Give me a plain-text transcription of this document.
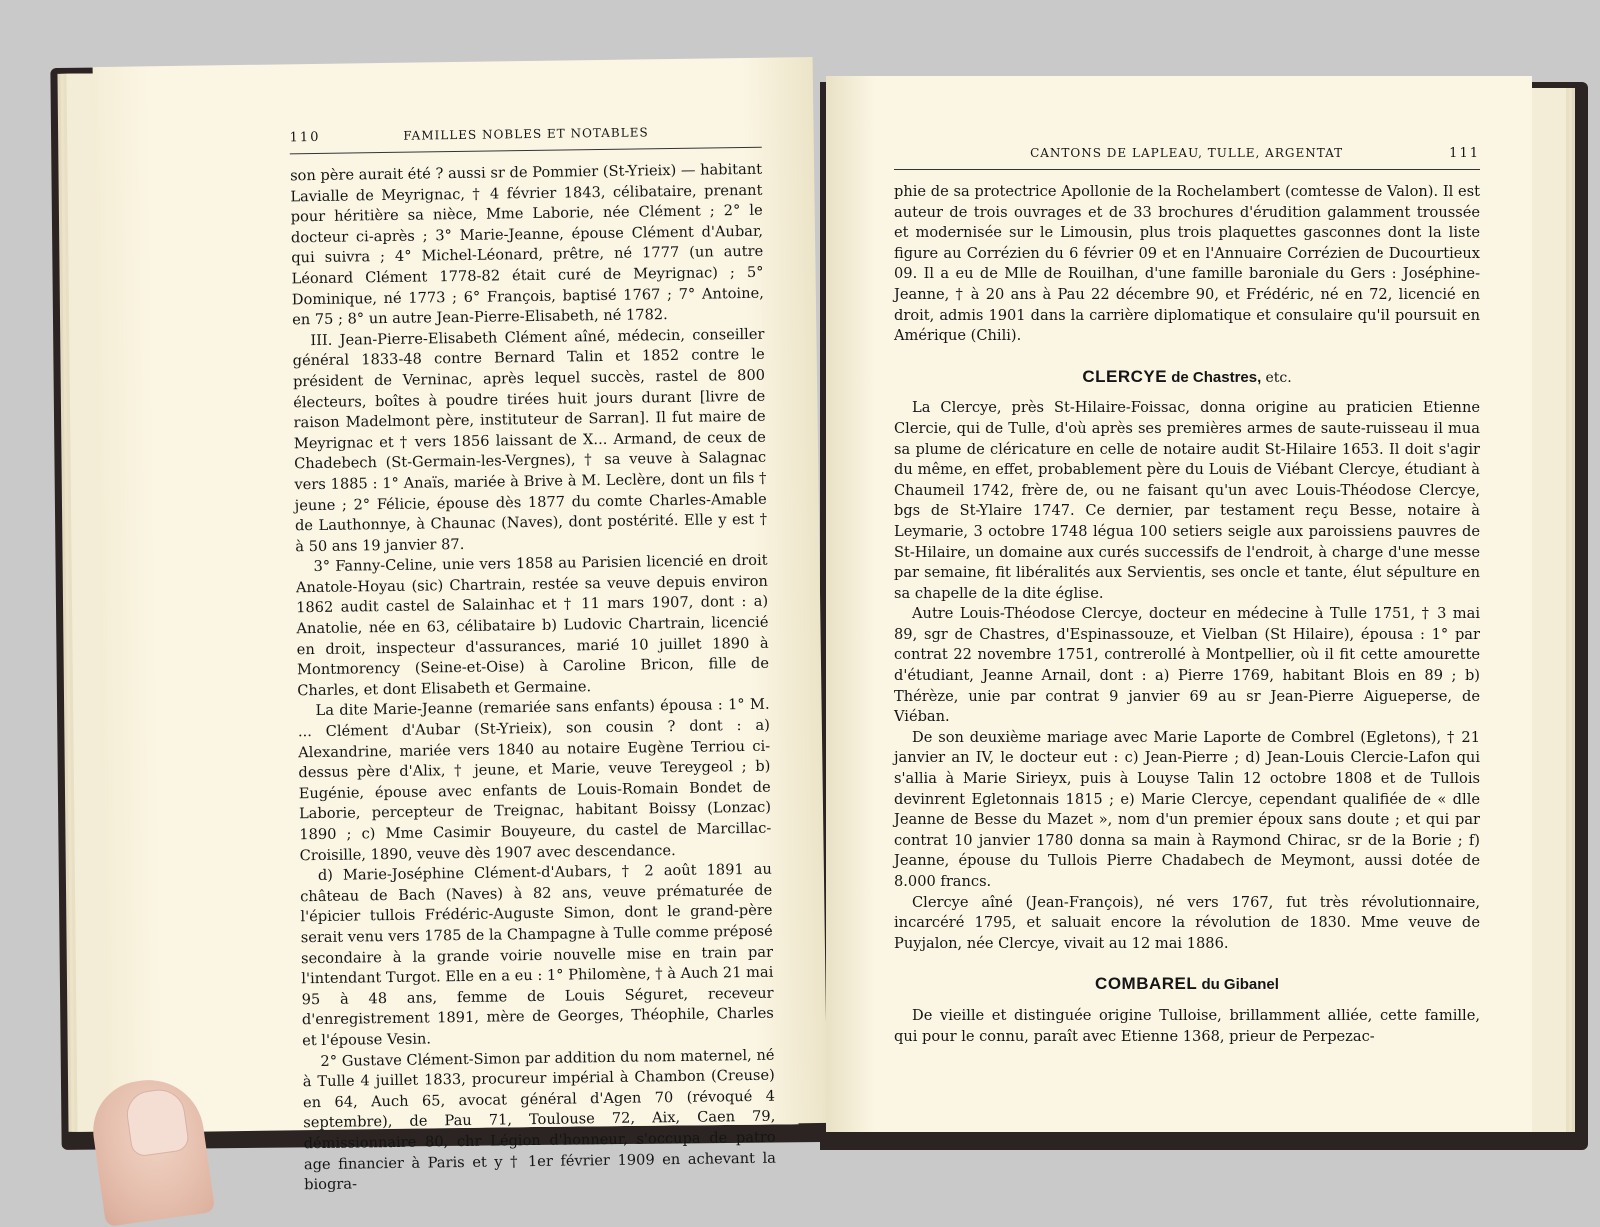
110	FAMILLES NOBLES ET NOTABLES

son père aurait été ? aussi sr de Pommier (St-Yrieix) — habitant Lavialle de Meyrignac, † 4 février 1843, célibataire, prenant pour héritière sa nièce, Mme Laborie, née Clément ; 2° le docteur ci-après ; 3° Marie-Jeanne, épouse Clément d'Aubar, qui suivra ; 4° Michel-Léonard, prêtre, né 1777 (un autre Léonard Clément 1778-82 était curé de Meyrignac) ; 5° Dominique, né 1773 ; 6° François, baptisé 1767 ; 7° Antoine, en 75 ; 8° un autre Jean-Pierre-Elisabeth, né 1782.

III. Jean-Pierre-Elisabeth Clément aîné, médecin, conseiller général 1833-48 contre Bernard Talin et 1852 contre le président de Verninac, après lequel succès, rastel de 800 électeurs, boîtes à poudre tirées huit jours durant [livre de raison Madelmont père, instituteur de Sarran]. Il fut maire de Meyrignac et † vers 1856 laissant de X... Armand, de ceux de Chadebech (St-Germain-les-Vergnes), † sa veuve à Salagnac vers 1885 : 1° Anaïs, mariée à Brive à M. Leclère, dont un fils † jeune ; 2° Félicie, épouse dès 1877 du comte Charles-Amable de Lauthonnye, à Chaunac (Naves), dont postérité. Elle y est † à 50 ans 19 janvier 87.

3° Fanny-Celine, unie vers 1858 au Parisien licencié en droit Anatole-Hoyau (sic) Chartrain, restée sa veuve depuis environ 1862 audit castel de Salainhac et † 11 mars 1907, dont : a) Anatolie, née en 63, célibataire b) Ludovic Chartrain, licencié en droit, inspecteur d'assurances, marié 10 juillet 1890 à Montmorency (Seine-et-Oise) à Caroline Bricon, fille de Charles, et dont Elisabeth et Germaine.

La dite Marie-Jeanne (remariée sans enfants) épousa : 1° M. ... Clément d'Aubar (St-Yrieix), son cousin ? dont : a) Alexandrine, mariée vers 1840 au notaire Eugène Terriou ci-dessus père d'Alix, † jeune, et Marie, veuve Tereygeol ; b) Eugénie, épouse avec enfants de Louis-Romain Bondet de Laborie, percepteur de Treignac, habitant Boissy (Lonzac) 1890 ; c) Mme Casimir Bouyeure, du castel de Marcillac-Croisille, 1890, veuve dès 1907 avec descendance.

d) Marie-Joséphine Clément-d'Aubars, † 2 août 1891 au château de Bach (Naves) à 82 ans, veuve prématurée de l'épicier tullois Frédéric-Auguste Simon, dont le grand-père serait venu vers 1785 de la Champagne à Tulle comme préposé secondaire à la grande voirie nouvelle mise en train par l'intendant Turgot. Elle en a eu : 1° Philomène, † à Auch 21 mai 95 à 48 ans, femme de Louis Séguret, receveur d'enregistrement 1891, mère de Georges, Théophile, Charles et l'épouse Vesin.

2° Gustave Clément-Simon par addition du nom maternel, né à Tulle 4 juillet 1833, procureur impérial à Chambon (Creuse) en 64, Auch 65, avocat général d'Agen 70 (révoqué 4 septembre), de Pau 71, Toulouse 72, Aix, Caen 79, démissionnaire 80, chr Légion d'honneur, s'occupa de patro age financier à Paris et y † 1er février 1909 en achevant la biogra-

CANTONS DE LAPLEAU, TULLE, ARGENTAT	111

phie de sa protectrice Apollonie de la Rochelambert (comtesse de Valon). Il est auteur de trois ouvrages et de 33 brochures d'érudition galamment troussée et modernisée sur le Limousin, plus trois plaquettes gasconnes dont la liste figure au Corrézien du 6 février 09 et en l'Annuaire Corrézien de Ducourtieux 09. Il a eu de Mlle de Rouilhan, d'une famille baroniale du Gers : Joséphine-Jeanne, † à 20 ans à Pau 22 décembre 90, et Frédéric, né en 72, licencié en droit, admis 1901 dans la carrière diplomatique et consulaire qu'il poursuit en Amérique (Chili).

CLERCYE de Chastres, etc.

La Clercye, près St-Hilaire-Foissac, donna origine au praticien Etienne Clercie, qui de Tulle, d'où après ses premières armes de saute-ruisseau il mua sa plume de cléricature en celle de notaire audit St-Hilaire 1653. Il doit s'agir du même, en effet, probablement père du Louis de Viébant Clercye, étudiant à Chaumeil 1742, frère de, ou ne faisant qu'un avec Louis-Théodose Clercye, bgs de St-Ylaire 1747. Ce dernier, par testament reçu Besse, notaire à Leymarie, 3 octobre 1748 légua 100 setiers seigle aux paroissiens pauvres de St-Hilaire, un domaine aux curés successifs de l'endroit, à charge d'une messe par semaine, fit libéralités aux Servientis, ses oncle et tante, élut sépulture en sa chapelle de la dite église.

Autre Louis-Théodose Clercye, docteur en médecine à Tulle 1751, † 3 mai 89, sgr de Chastres, d'Espinassouze, et Vielban (St Hilaire), épousa : 1° par contrat 22 novembre 1751, contrerollé à Montpellier, où il fit cette amourette d'étudiant, Jeanne Arnail, dont : a) Pierre 1769, habitant Blois en 89 ; b) Thérèze, unie par contrat 9 janvier 69 au sr Jean-Pierre Aigueperse, de Viéban.

De son deuxième mariage avec Marie Laporte de Combrel (Egletons), † 21 janvier an IV, le docteur eut : c) Jean-Pierre ; d) Jean-Louis Clercie-Lafon qui s'allia à Marie Sirieyx, puis à Louyse Talin 12 octobre 1808 et de Tullois devinrent Egletonnais 1815 ; e) Marie Clercye, cependant qualifiée de « dlle Jeanne de Besse du Mazet », nom d'un premier époux sans doute ; et qui par contrat 10 janvier 1780 donna sa main à Raymond Chirac, sr de la Borie ; f) Jeanne, épouse du Tullois Pierre Chadabech de Meymont, aussi dotée de 8.000 francs.

Clercye aîné (Jean-François), né vers 1767, fut très révolutionnaire, incarcéré 1795, et saluait encore la révolution de 1830. Mme veuve de Puyjalon, née Clercye, vivait au 12 mai 1886.

COMBAREL du Gibanel

De vieille et distinguée origine Tulloise, brillamment alliée, cette famille, qui pour le connu, paraît avec Etienne 1368, prieur de Perpezac-
